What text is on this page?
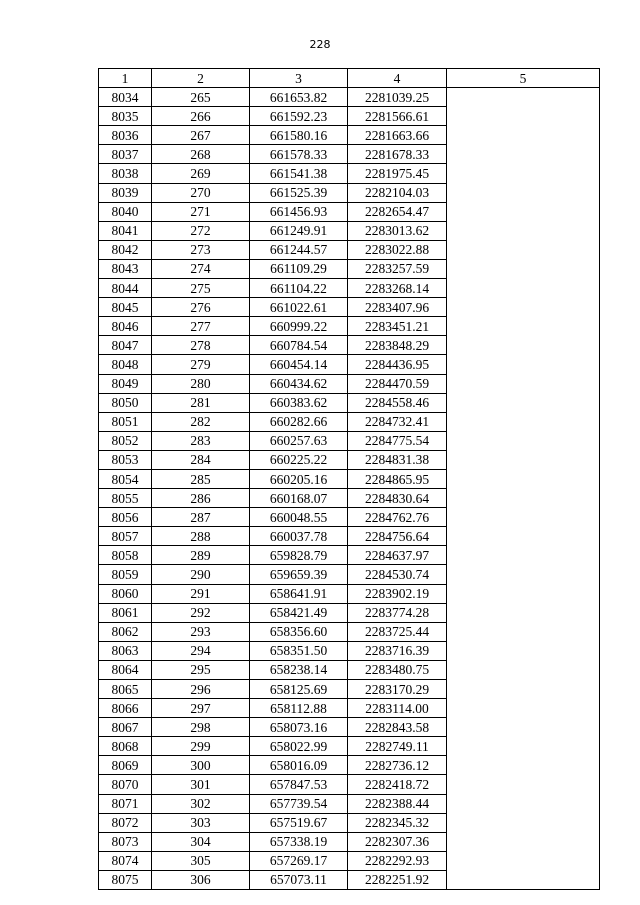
228
1	2	3	4	5
8034	265	661653.82	2281039.25	
8035	266	661592.23	2281566.61	
8036	267	661580.16	2281663.66	
8037	268	661578.33	2281678.33	
8038	269	661541.38	2281975.45	
8039	270	661525.39	2282104.03	
8040	271	661456.93	2282654.47	
8041	272	661249.91	2283013.62	
8042	273	661244.57	2283022.88	
8043	274	661109.29	2283257.59	
8044	275	661104.22	2283268.14	
8045	276	661022.61	2283407.96	
8046	277	660999.22	2283451.21	
8047	278	660784.54	2283848.29	
8048	279	660454.14	2284436.95	
8049	280	660434.62	2284470.59	
8050	281	660383.62	2284558.46	
8051	282	660282.66	2284732.41	
8052	283	660257.63	2284775.54	
8053	284	660225.22	2284831.38	
8054	285	660205.16	2284865.95	
8055	286	660168.07	2284830.64	
8056	287	660048.55	2284762.76	
8057	288	660037.78	2284756.64	
8058	289	659828.79	2284637.97	
8059	290	659659.39	2284530.74	
8060	291	658641.91	2283902.19	
8061	292	658421.49	2283774.28	
8062	293	658356.60	2283725.44	
8063	294	658351.50	2283716.39	
8064	295	658238.14	2283480.75	
8065	296	658125.69	2283170.29	
8066	297	658112.88	2283114.00	
8067	298	658073.16	2282843.58	
8068	299	658022.99	2282749.11	
8069	300	658016.09	2282736.12	
8070	301	657847.53	2282418.72	
8071	302	657739.54	2282388.44	
8072	303	657519.67	2282345.32	
8073	304	657338.19	2282307.36	
8074	305	657269.17	2282292.93	
8075	306	657073.11	2282251.92	
